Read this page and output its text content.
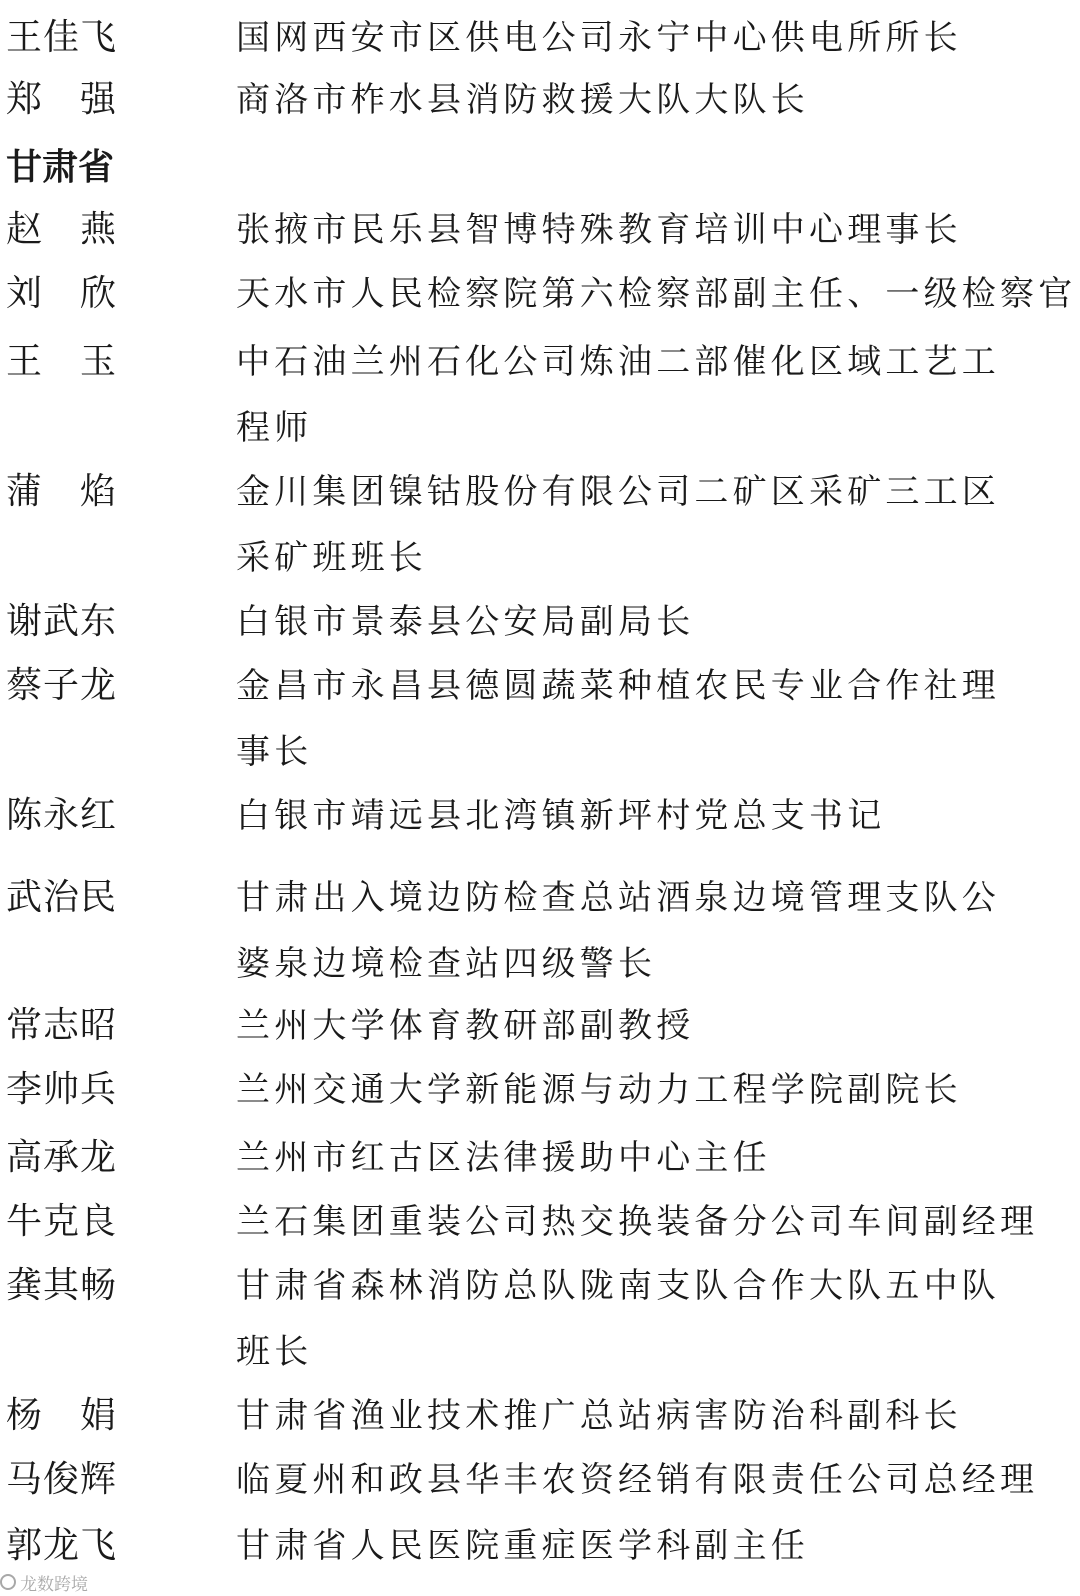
王佳飞	国网西安市区供电公司永宁中心供电所所长
郑　强	商洛市柞水县消防救援大队大队长
甘肃省
赵　燕	张掖市民乐县智博特殊教育培训中心理事长
刘　欣	天水市人民检察院第六检察部副主任、一级检察官
王　玉	中石油兰州石化公司炼油二部催化区域工艺工
程师
蒲　焰	金川集团镍钴股份有限公司二矿区采矿三工区
采矿班班长
谢武东	白银市景泰县公安局副局长
蔡子龙	金昌市永昌县德圆蔬菜种植农民专业合作社理
事长
陈永红	白银市靖远县北湾镇新坪村党总支书记
武治民	甘肃出入境边防检查总站酒泉边境管理支队公
婆泉边境检查站四级警长
常志昭	兰州大学体育教研部副教授
李帅兵	兰州交通大学新能源与动力工程学院副院长
高承龙	兰州市红古区法律援助中心主任
牛克良	兰石集团重装公司热交换装备分公司车间副经理
龚其畅	甘肃省森林消防总队陇南支队合作大队五中队
班长
杨　娟	甘肃省渔业技术推广总站病害防治科副科长
马俊辉	临夏州和政县华丰农资经销有限责任公司总经理
郭龙飞	甘肃省人民医院重症医学科副主任
龙数跨境
